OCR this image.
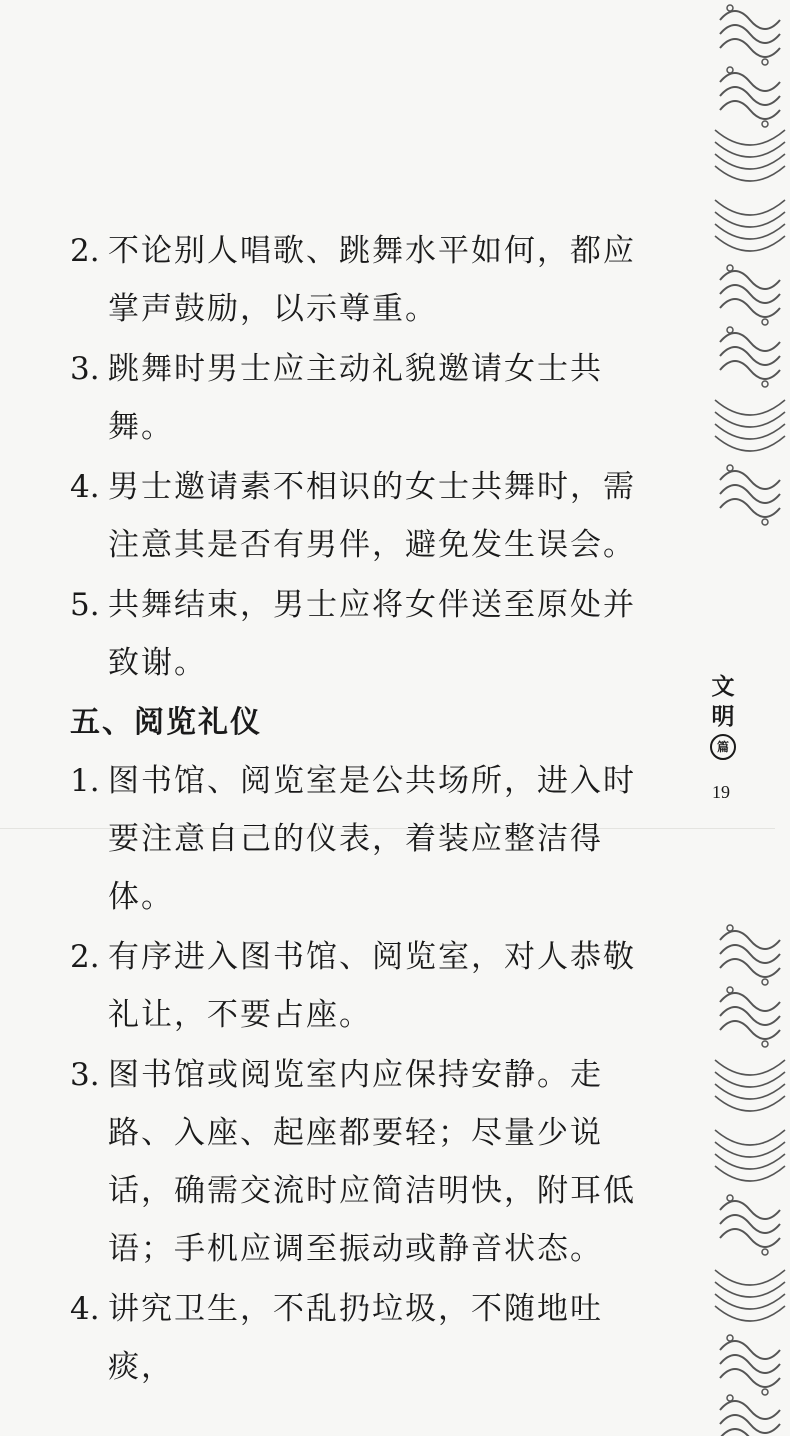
2. 不论别人唱歌、跳舞水平如何，都应掌声鼓励，以示尊重。
3. 跳舞时男士应主动礼貌邀请女士共舞。
4. 男士邀请素不相识的女士共舞时，需注意其是否有男伴，避免发生误会。
5. 共舞结束，男士应将女伴送至原处并致谢。
五、阅览礼仪
1. 图书馆、阅览室是公共场所，进入时要注意自己的仪表，着装应整洁得体。
2. 有序进入图书馆、阅览室，对人恭敬礼让，不要占座。
3. 图书馆或阅览室内应保持安静。走路、入座、起座都要轻；尽量少说话，确需交流时应简洁明快，附耳低语；手机应调至振动或静音状态。
4. 讲究卫生，不乱扔垃圾，不随地吐痰，
文
明
篇
19
